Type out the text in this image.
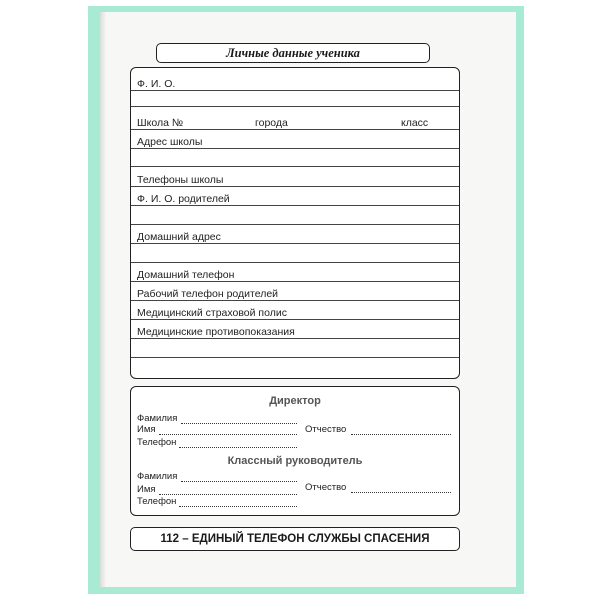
Личные данные ученика
Ф. И. О.
Школа №	города	класс
Адрес школы
Телефоны школы
Ф. И. О. родителей
Домашний адрес
Домашний телефон
Рабочий телефон родителей
Медицинский страховой полис
Медицинские противопоказания
Директор
Фамилия
Имя	Отчество
Телефон
Классный руководитель
Фамилия
Имя	Отчество
Телефон
112 – ЕДИНЫЙ ТЕЛЕФОН СЛУЖБЫ СПАСЕНИЯ
